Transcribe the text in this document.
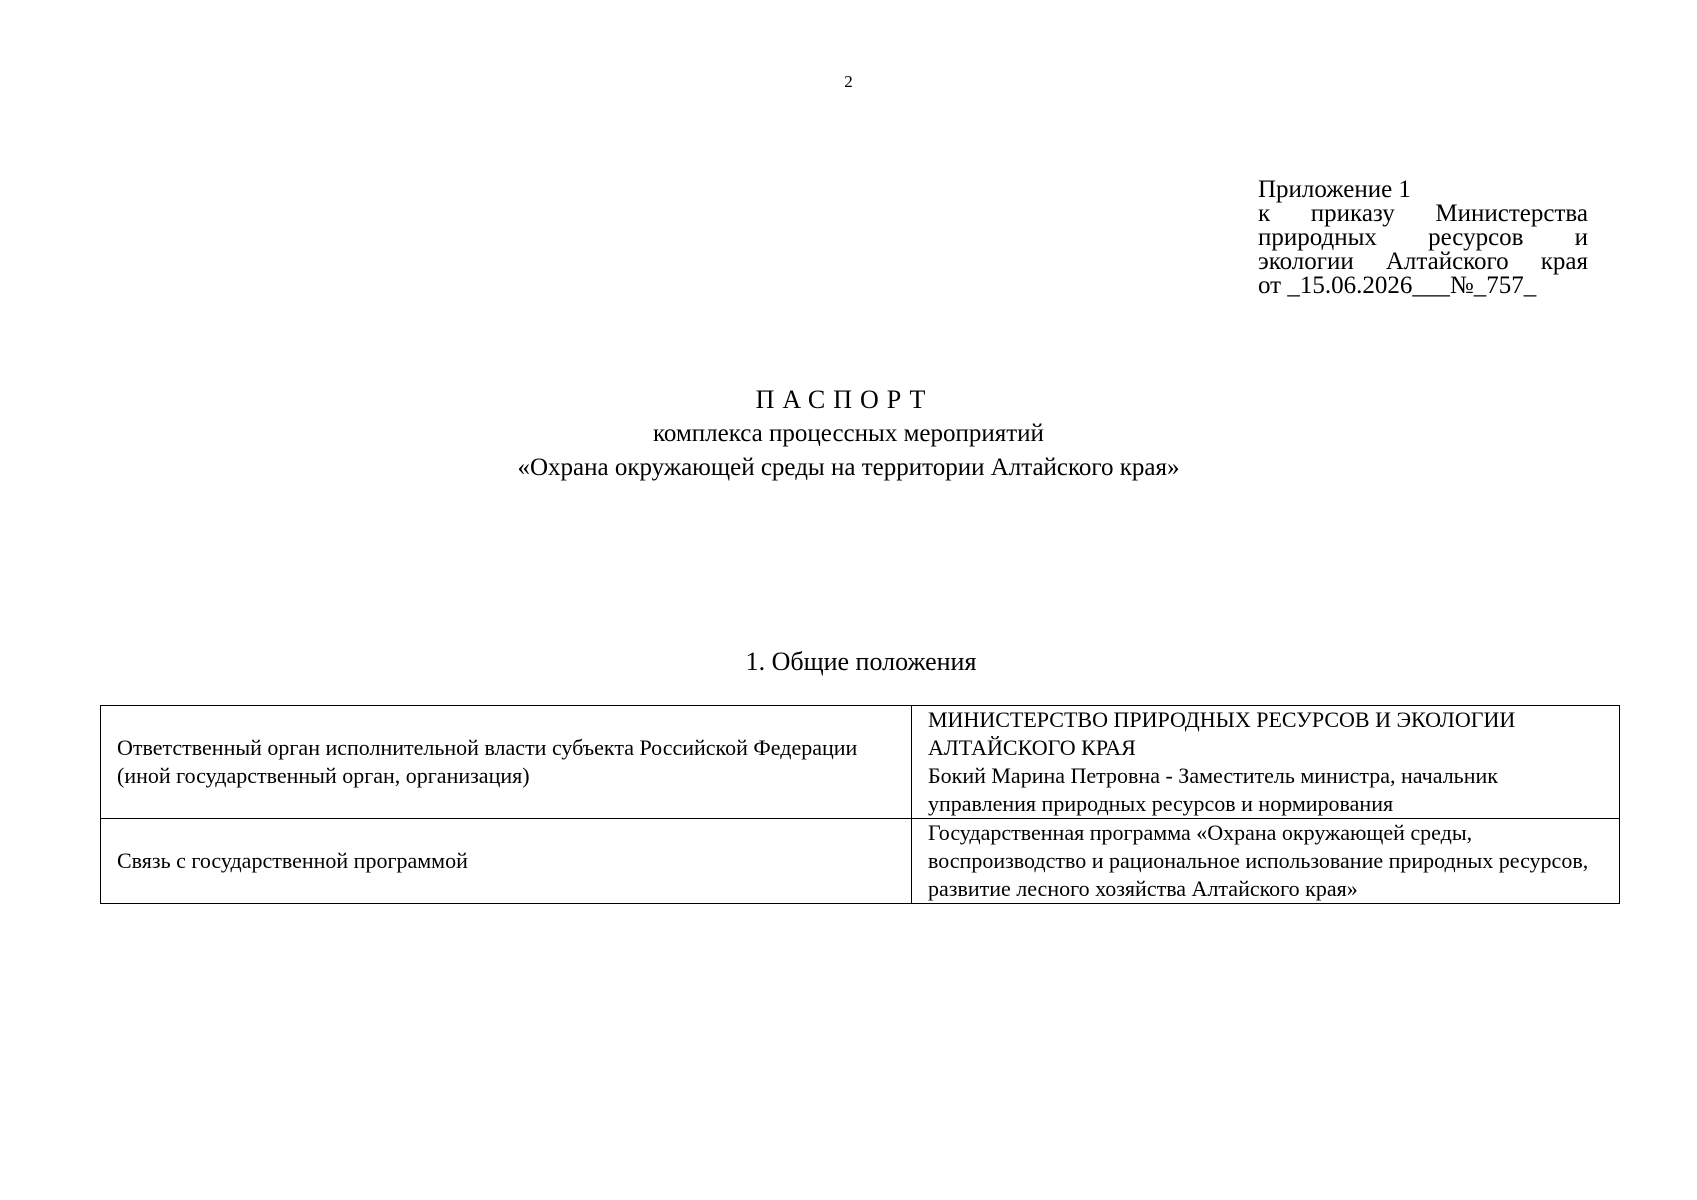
2
Приложение 1
к приказу Министерства
природных ресурсов и
экологии Алтайского края
от _15.06.2026___№_757_
ПАСПОРТ
комплекса процессных мероприятий
«Охрана окружающей среды на территории Алтайского края»
1. Общие положения
Ответственный орган исполнительной власти субъекта Российской Федерации (иной государственный орган, организация)	МИНИСТЕРСТВО ПРИРОДНЫХ РЕСУРСОВ И ЭКОЛОГИИ АЛТАЙСКОГО КРАЯ
Бокий Марина Петровна - Заместитель министра, начальник управления природных ресурсов и нормирования

Связь с государственной программой	Государственная программа «Охрана окружающей среды, воспроизводство и рациональное использование природных ресурсов, развитие лесного хозяйства Алтайского края»
